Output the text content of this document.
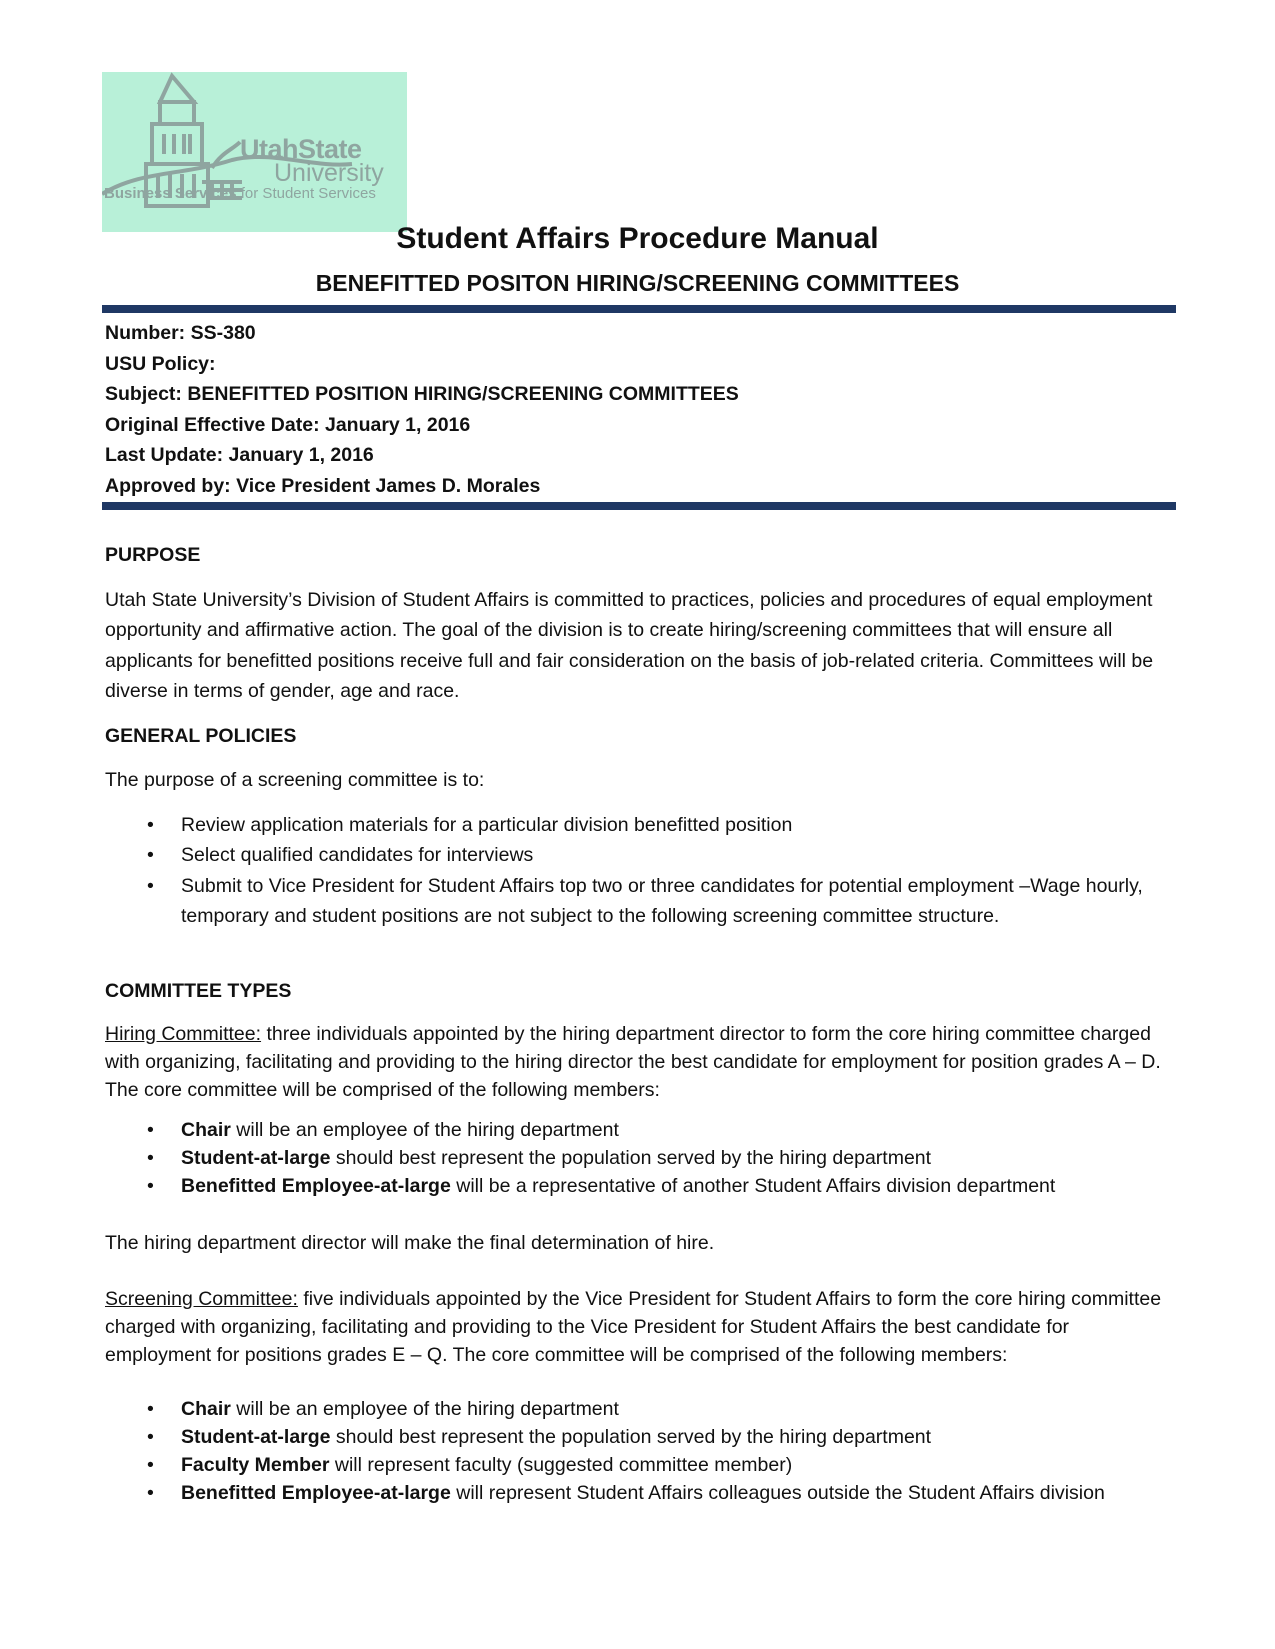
UtahState
University
Business Services for Student Services
Student Affairs Procedure Manual
BENEFITTED POSITON HIRING/SCREENING COMMITTEES
Number: SS-380
USU Policy:
Subject: BENEFITTED POSITION HIRING/SCREENING COMMITTEES
Original Effective Date: January 1, 2016
Last Update: January 1, 2016
Approved by: Vice President James D. Morales

PURPOSE

Utah State University’s Division of Student Affairs is committed to practices, policies and procedures of equal employment opportunity and affirmative action. The goal of the division is to create hiring/screening committees that will ensure all applicants for benefitted positions receive full and fair consideration on the basis of job-related criteria. Committees will be diverse in terms of gender, age and race.

GENERAL POLICIES

The purpose of a screening committee is to:

• Review application materials for a particular division benefitted position
• Select qualified candidates for interviews
• Submit to Vice President for Student Affairs top two or three candidates for potential employment –Wage hourly, temporary and student positions are not subject to the following screening committee structure.

COMMITTEE TYPES

Hiring Committee: three individuals appointed by the hiring department director to form the core hiring committee charged with organizing, facilitating and providing to the hiring director the best candidate for employment for position grades A – D. The core committee will be comprised of the following members:

• Chair will be an employee of the hiring department
• Student-at-large should best represent the population served by the hiring department
• Benefitted Employee-at-large will be a representative of another Student Affairs division department

The hiring department director will make the final determination of hire.

Screening Committee: five individuals appointed by the Vice President for Student Affairs to form the core hiring committee charged with organizing, facilitating and providing to the Vice President for Student Affairs the best candidate for employment for positions grades E – Q. The core committee will be comprised of the following members:

• Chair will be an employee of the hiring department
• Student-at-large should best represent the population served by the hiring department
• Faculty Member will represent faculty (suggested committee member)
• Benefitted Employee-at-large will represent Student Affairs colleagues outside the Student Affairs division
